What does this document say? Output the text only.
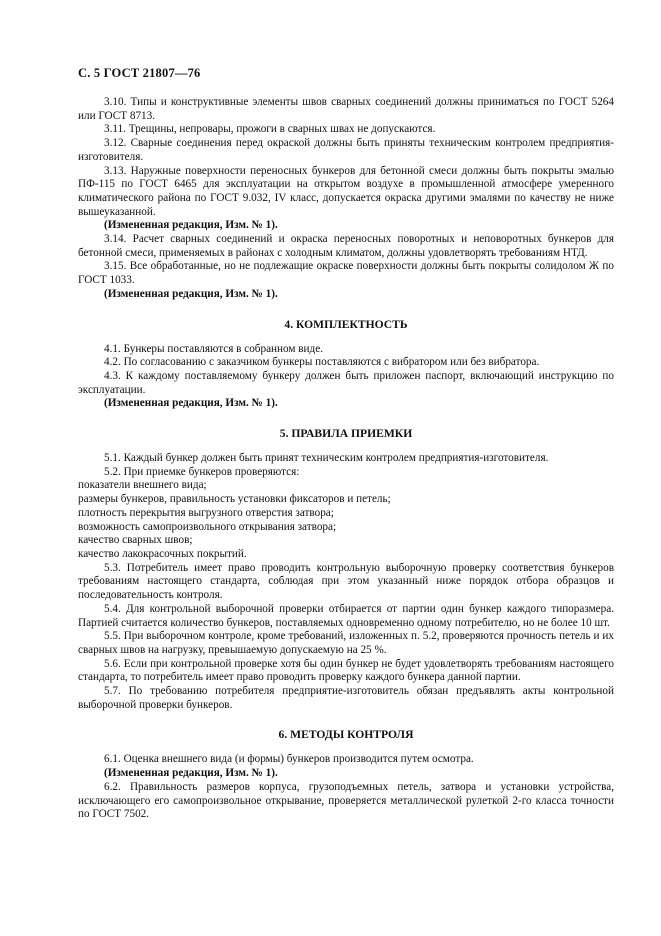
С. 5 ГОСТ 21807—76

3.10. Типы и конструктивные элементы швов сварных соединений должны приниматься по ГОСТ 5264 или ГОСТ 8713.

3.11. Трещины, непровары, прожоги в сварных швах не допускаются.

3.12. Сварные соединения перед окраской должны быть приняты техническим контролем предприятия-изготовителя.

3.13. Наружные поверхности переносных бункеров для бетонной смеси должны быть покрыты эмалью ПФ-115 по ГОСТ 6465 для эксплуатации на открытом воздухе в промышленной атмосфере умеренного климатического района по ГОСТ 9.032, IV класс, допускается окраска другими эмалями по качеству не ниже вышеуказанной.

(Измененная редакция, Изм. № 1).

3.14. Расчет сварных соединений и окраска переносных поворотных и неповоротных бункеров для бетонной смеси, применяемых в районах с холодным климатом, должны удовлетворять требованиям НТД.

3.15. Все обработанные, но не подлежащие окраске поверхности должны быть покрыты солидолом Ж по ГОСТ 1033.

(Измененная редакция, Изм. № 1).

4. КОМПЛЕКТНОСТЬ

4.1. Бункеры поставляются в собранном виде.

4.2. По согласованию с заказчиком бункеры поставляются с вибратором или без вибратора.

4.3. К каждому поставляемому бункеру должен быть приложен паспорт, включающий инструкцию по эксплуатации.

(Измененная редакция, Изм. № 1).

5. ПРАВИЛА ПРИЕМКИ

5.1. Каждый бункер должен быть принят техническим контролем предприятия-изготовителя.

5.2. При приемке бункеров проверяются:

показатели внешнего вида;

размеры бункеров, правильность установки фиксаторов и петель;

плотность перекрытия выгрузного отверстия затвора;

возможность самопроизвольного открывания затвора;

качество сварных швов;

качество лакокрасочных покрытий.

5.3. Потребитель имеет право проводить контрольную выборочную проверку соответствия бункеров требованиям настоящего стандарта, соблюдая при этом указанный ниже порядок отбора образцов и последовательность контроля.

5.4. Для контрольной выборочной проверки отбирается от партии один бункер каждого типоразмера. Партией считается количество бункеров, поставляемых одновременно одному потребителю, но не более 10 шт.

5.5. При выборочном контроле, кроме требований, изложенных п. 5.2, проверяются прочность петель и их сварных швов на нагрузку, превышаемую допускаемую на 25 %.

5.6. Если при контрольной проверке хотя бы один бункер не будет удовлетворять требованиям настоящего стандарта, то потребитель имеет право проводить проверку каждого бункера данной партии.

5.7. По требованию потребителя предприятие-изготовитель обязан предъявлять акты контрольной выборочной проверки бункеров.

6. МЕТОДЫ КОНТРОЛЯ

6.1. Оценка внешнего вида (и формы) бункеров производится путем осмотра.

(Измененная редакция, Изм. № 1).

6.2. Правильность размеров корпуса, грузоподъемных петель, затвора и установки устройства, исключающего его самопроизвольное открывание, проверяется металлической рулеткой 2-го класса точности по ГОСТ 7502.
